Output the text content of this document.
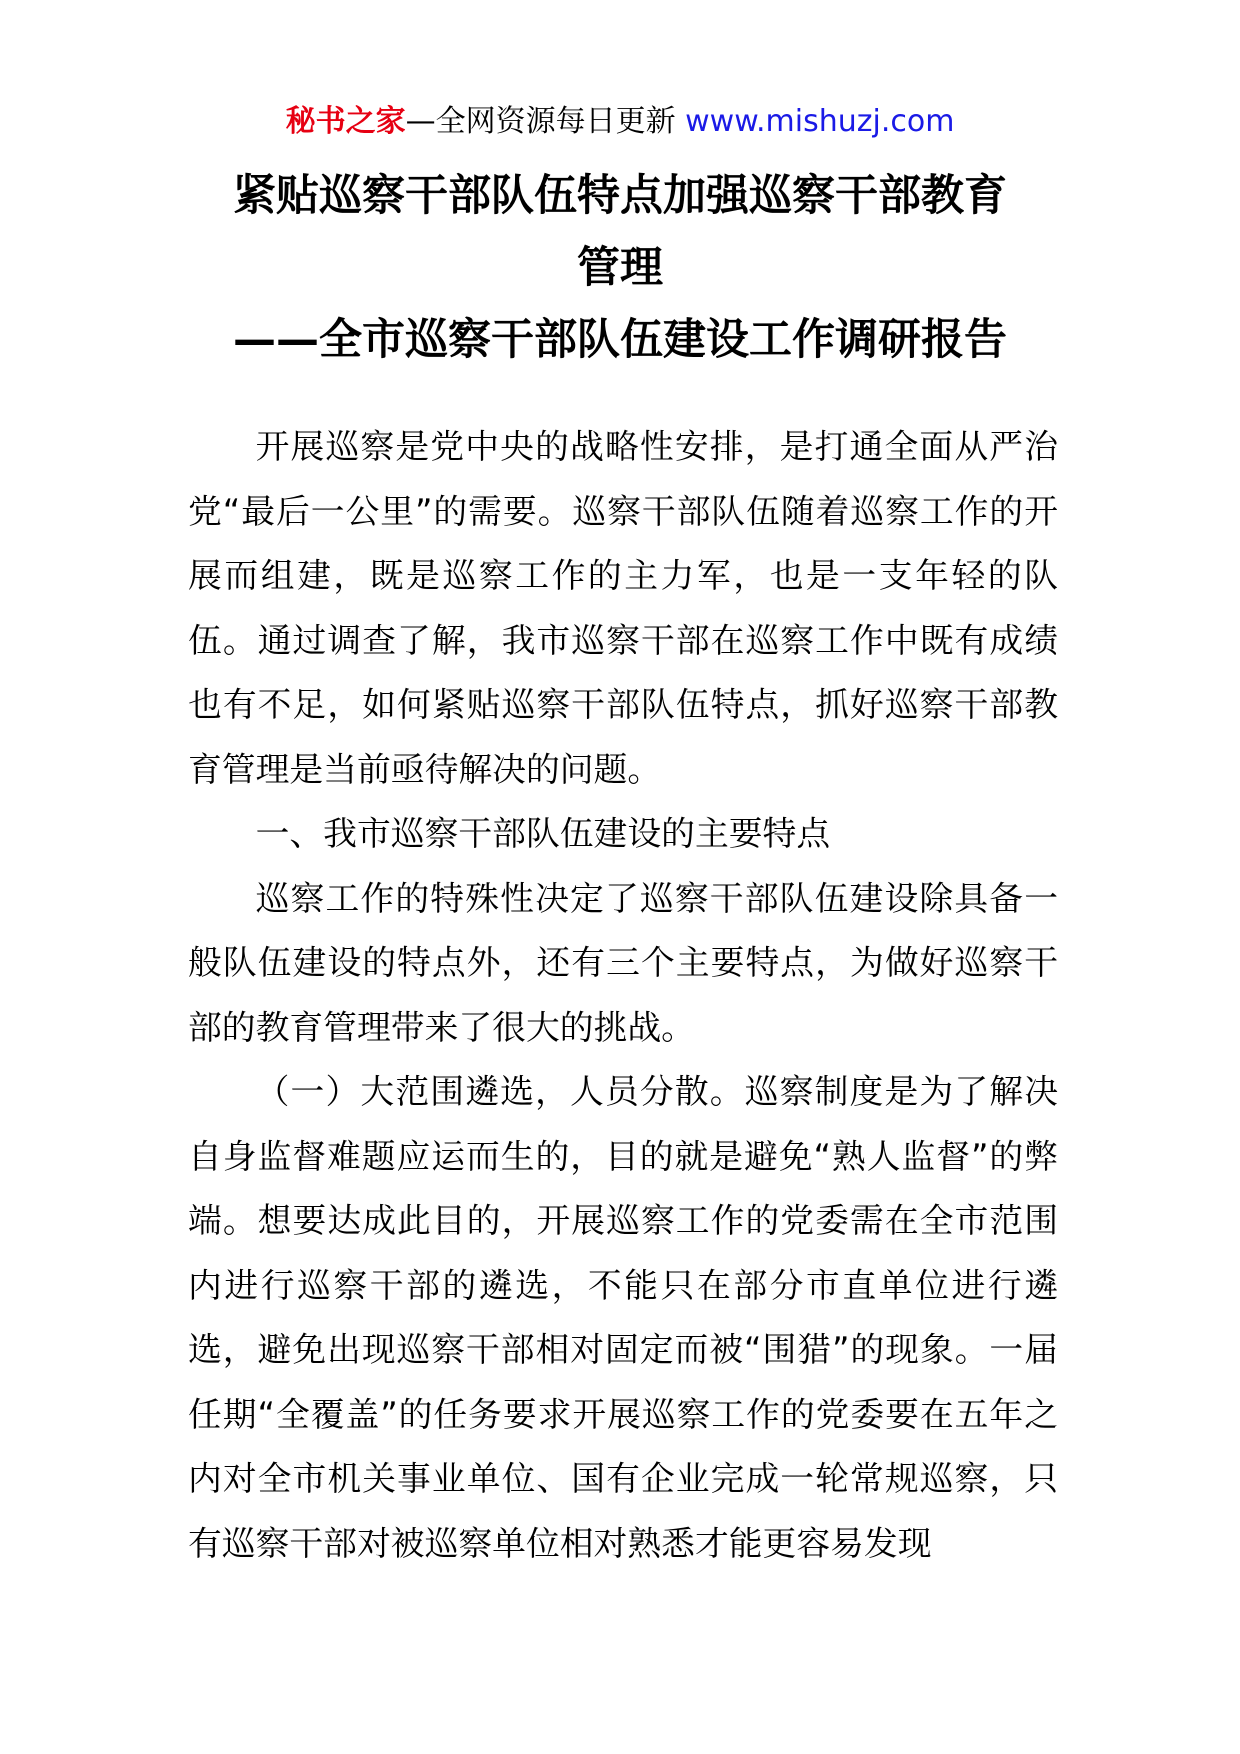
秘书之家—全网资源每日更新 www.mishuzj.com
紧贴巡察干部队伍特点加强巡察干部教育
管理
——全市巡察干部队伍建设工作调研报告

开展巡察是党中央的战略性安排，是打通全面从严治党“最后一公里”的需要。巡察干部队伍随着巡察工作的开展而组建，既是巡察工作的主力军，也是一支年轻的队伍。通过调查了解，我市巡察干部在巡察工作中既有成绩也有不足，如何紧贴巡察干部队伍特点，抓好巡察干部教育管理是当前亟待解决的问题。

一、我市巡察干部队伍建设的主要特点

巡察工作的特殊性决定了巡察干部队伍建设除具备一般队伍建设的特点外，还有三个主要特点，为做好巡察干部的教育管理带来了很大的挑战。

（一）大范围遴选，人员分散。巡察制度是为了解决自身监督难题应运而生的，目的就是避免“熟人监督”的弊端。想要达成此目的，开展巡察工作的党委需在全市范围内进行巡察干部的遴选，不能只在部分市直单位进行遴选，避免出现巡察干部相对固定而被“围猎”的现象。一届任期“全覆盖”的任务要求开展巡察工作的党委要在五年之内对全市机关事业单位、国有企业完成一轮常规巡察，只有巡察干部对被巡察单位相对熟悉才能更容易发现
